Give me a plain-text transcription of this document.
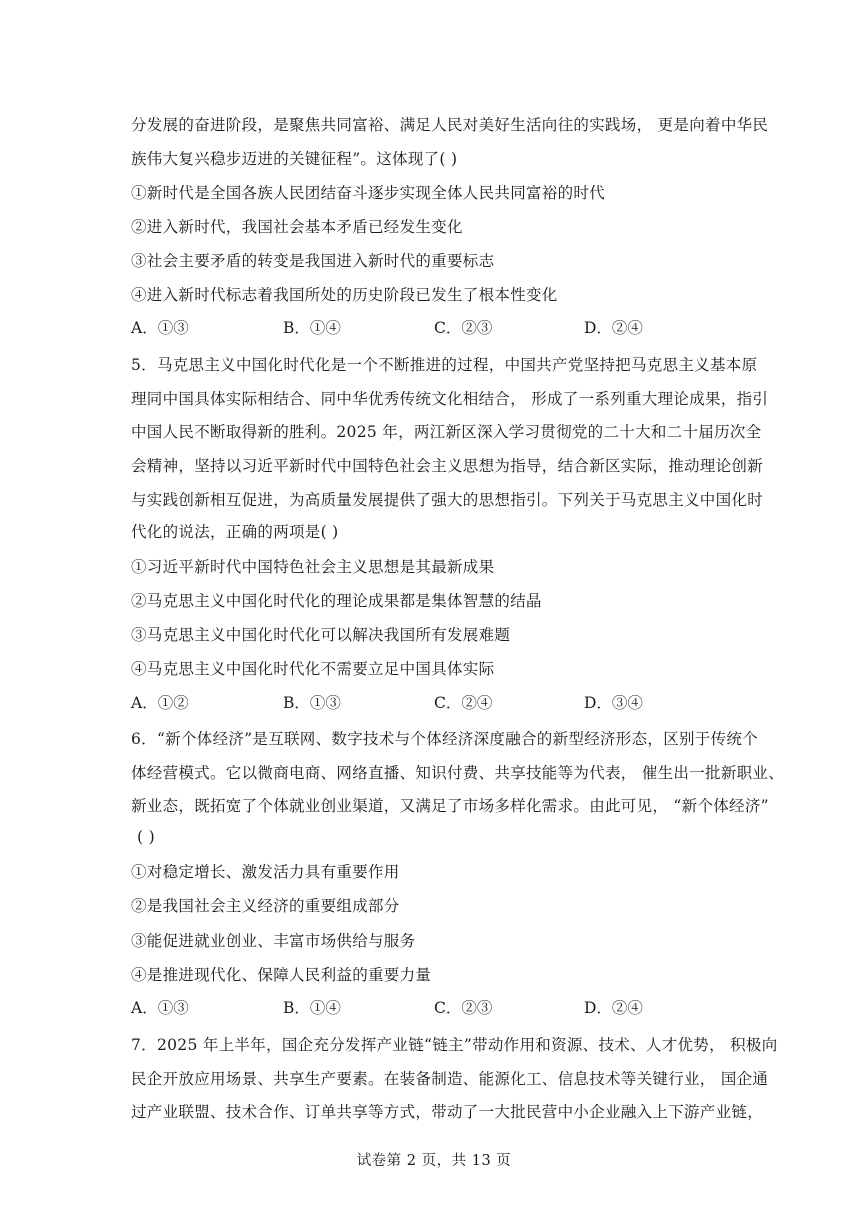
分发展的奋进阶段，是聚焦共同富裕、满足人民对美好生活向往的实践场， 更是向着中华民
族伟大复兴稳步迈进的关键征程”。这体现了( )
①新时代是全国各族人民团结奋斗逐步实现全体人民共同富裕的时代
②进入新时代，我国社会基本矛盾已经发生变化
③社会主要矛盾的转变是我国进入新时代的重要标志
④进入新时代标志着我国所处的历史阶段已发生了根本性变化
A．①③	B．①④	C．②③	D．②④
5．马克思主义中国化时代化是一个不断推进的过程，中国共产党坚持把马克思主义基本原
理同中国具体实际相结合、同中华优秀传统文化相结合， 形成了一系列重大理论成果，指引
中国人民不断取得新的胜利。2025 年，两江新区深入学习贯彻党的二十大和二十届历次全
会精神，坚持以习近平新时代中国特色社会主义思想为指导，结合新区实际，推动理论创新
与实践创新相互促进，为高质量发展提供了强大的思想指引。下列关于马克思主义中国化时
代化的说法，正确的两项是( )
①习近平新时代中国特色社会主义思想是其最新成果
②马克思主义中国化时代化的理论成果都是集体智慧的结晶
③马克思主义中国化时代化可以解决我国所有发展难题
④马克思主义中国化时代化不需要立足中国具体实际
A．①②	B．①③	C．②④	D．③④
6．“新个体经济”是互联网、数字技术与个体经济深度融合的新型经济形态，区别于传统个
体经营模式。它以微商电商、网络直播、知识付费、共享技能等为代表， 催生出一批新职业、
新业态，既拓宽了个体就业创业渠道，又满足了市场多样化需求。由此可见， “新个体经济”
( )
①对稳定增长、激发活力具有重要作用
②是我国社会主义经济的重要组成部分
③能促进就业创业、丰富市场供给与服务
④是推进现代化、保障人民利益的重要力量
A．①③	B．①④	C．②③	D．②④
7．2025 年上半年，国企充分发挥产业链“链主”带动作用和资源、技术、人才优势， 积极向
民企开放应用场景、共享生产要素。在装备制造、能源化工、信息技术等关键行业， 国企通
过产业联盟、技术合作、订单共享等方式，带动了一大批民营中小企业融入上下游产业链，
试卷第 2 页，共 13 页
